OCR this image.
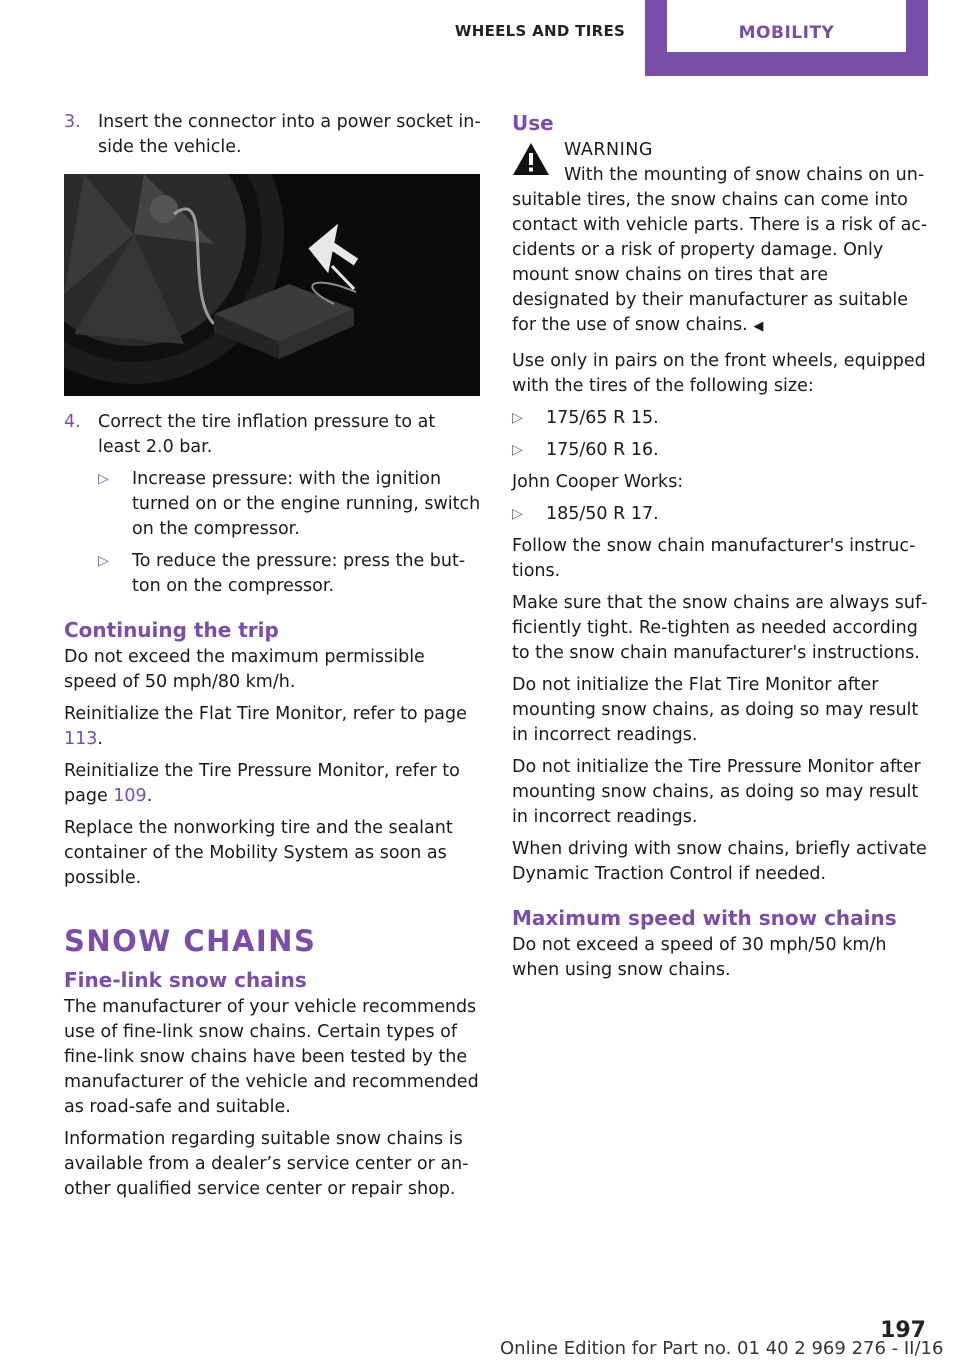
WHEELS AND TIRES	MOBILITY
3. Insert the connector into a power socket in‐side the vehicle.
4. Correct the tire inflation pressure to at least 2.0 bar.
▷	Increase pressure: with the ignition turned on or the engine running, switch on the compressor.
▷	To reduce the pressure: press the but‐ton on the compressor.
Continuing the trip

Do not exceed the maximum permissible speed of 50 mph/80 km/h.

Reinitialize the Flat Tire Monitor, refer to page 113.

Reinitialize the Tire Pressure Monitor, refer to page 109.

Replace the nonworking tire and the sealant container of the Mobility System as soon as possible.

SNOW CHAINS
Fine-link snow chains

The manufacturer of your vehicle recommends use of fine-link snow chains. Certain types of fine-link snow chains have been tested by the manufacturer of the vehicle and recommended as road-safe and suitable.

Information regarding suitable snow chains is available from a dealer’s service center or an‐other qualified service center or repair shop.

Use
WARNING
With the mounting of snow chains on un‐
suitable tires, the snow chains can come into contact with vehicle parts. There is a risk of ac‐cidents or a risk of property damage. Only mount snow chains on tires that are designated by their manufacturer as suitable for the use of snow chains. ◀

Use only in pairs on the front wheels, equipped with the tires of the following size:

▷	175/65 R 15.
▷	175/60 R 16.

John Cooper Works:

▷	185/50 R 17.

Follow the snow chain manufacturer's instruc‐tions.

Make sure that the snow chains are always suf‐ficiently tight. Re-tighten as needed according to the snow chain manufacturer's instructions.

Do not initialize the Flat Tire Monitor after mounting snow chains, as doing so may result in incorrect readings.

Do not initialize the Tire Pressure Monitor after mounting snow chains, as doing so may result in incorrect readings.

When driving with snow chains, briefly activate Dynamic Traction Control if needed.

Maximum speed with snow chains

Do not exceed a speed of 30 mph/50 km/h when using snow chains.

197
Online Edition for Part no. 01 40 2 969 276 - II/16
